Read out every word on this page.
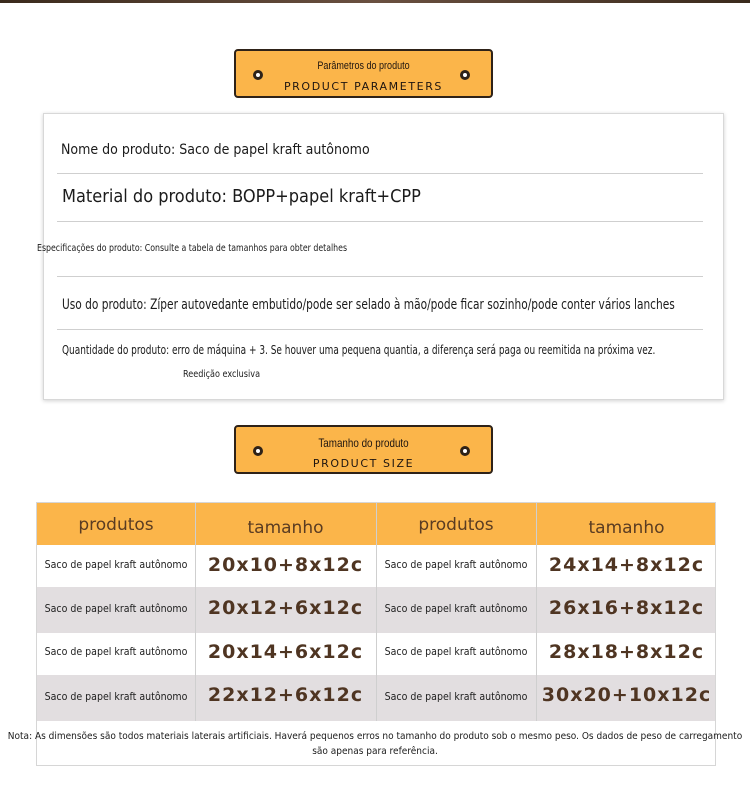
Parâmetros do produto
PRODUCT PARAMETERS
Nome do produto: Saco de papel kraft autônomo
Material do produto: BOPP+papel kraft+CPP
Especificações do produto: Consulte a tabela de tamanhos para obter detalhes
Uso do produto: Zíper autovedante embutido/pode ser selado à mão/pode ficar sozinho/pode conter vários lanches
Quantidade do produto: erro de máquina + 3. Se houver uma pequena quantia, a diferença será paga ou reemitida na próxima vez.
Reedição exclusiva
Tamanho do produto
PRODUCT SIZE
produtos	tamanho	produtos	tamanho
Saco de papel kraft autônomo	20x10+8x12c	Saco de papel kraft autônomo	24x14+8x12c
Saco de papel kraft autônomo	20x12+6x12c	Saco de papel kraft autônomo	26x16+8x12c
Saco de papel kraft autônomo	20x14+6x12c	Saco de papel kraft autônomo	28x18+8x12c
Saco de papel kraft autônomo	22x12+6x12c	Saco de papel kraft autônomo 30x20+10x12c
Nota: As dimensões são todos materiais laterais artificiais. Haverá pequenos erros no tamanho do produto sob o mesmo peso. Os dados de peso de carregamento são apenas para referência.
